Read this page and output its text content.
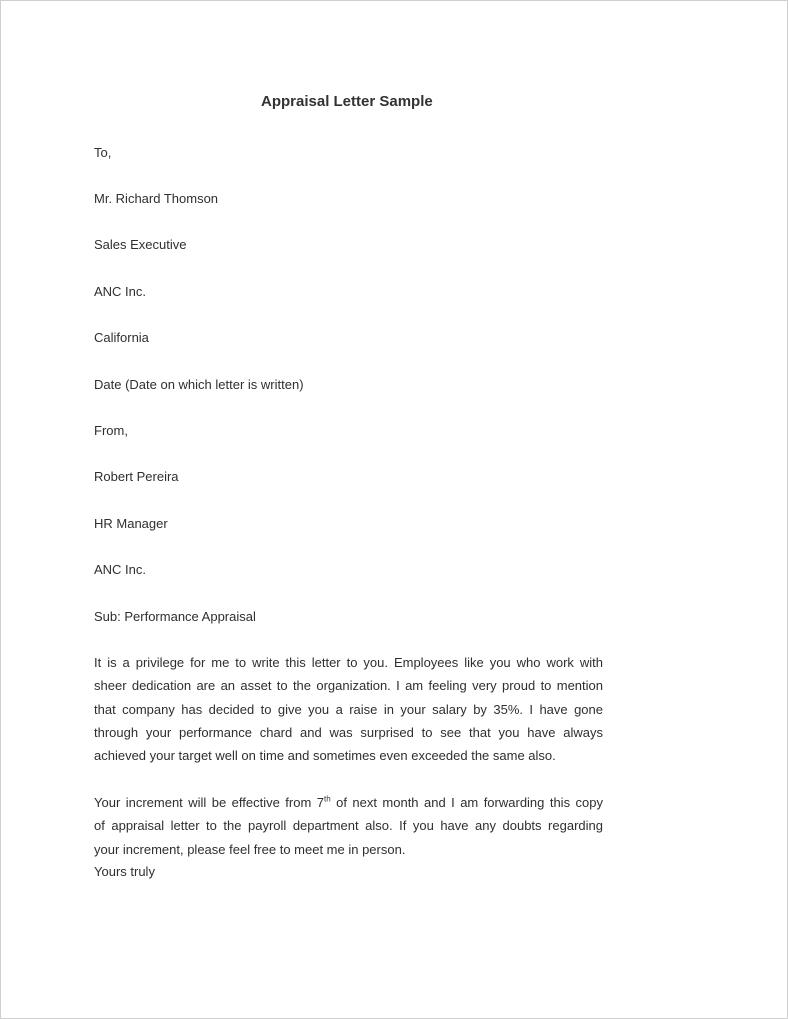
Appraisal Letter Sample

To,

Mr. Richard Thomson

Sales Executive

ANC Inc.

California

Date (Date on which letter is written)

From,

Robert Pereira

HR Manager

ANC Inc.

Sub: Performance Appraisal

It is a privilege for me to write this letter to you. Employees like you who work with
sheer dedication are an asset to the organization. I am feeling very proud to mention
that company has decided to give you a raise in your salary by 35%. I have gone
through your performance chard and was surprised to see that you have always
achieved your target well on time and sometimes even exceeded the same also.
Your increment will be effective from 7th of next month and I am forwarding this copy
of appraisal letter to the payroll department also. If you have any doubts regarding
your increment, please feel free to meet me in person.

Yours truly
